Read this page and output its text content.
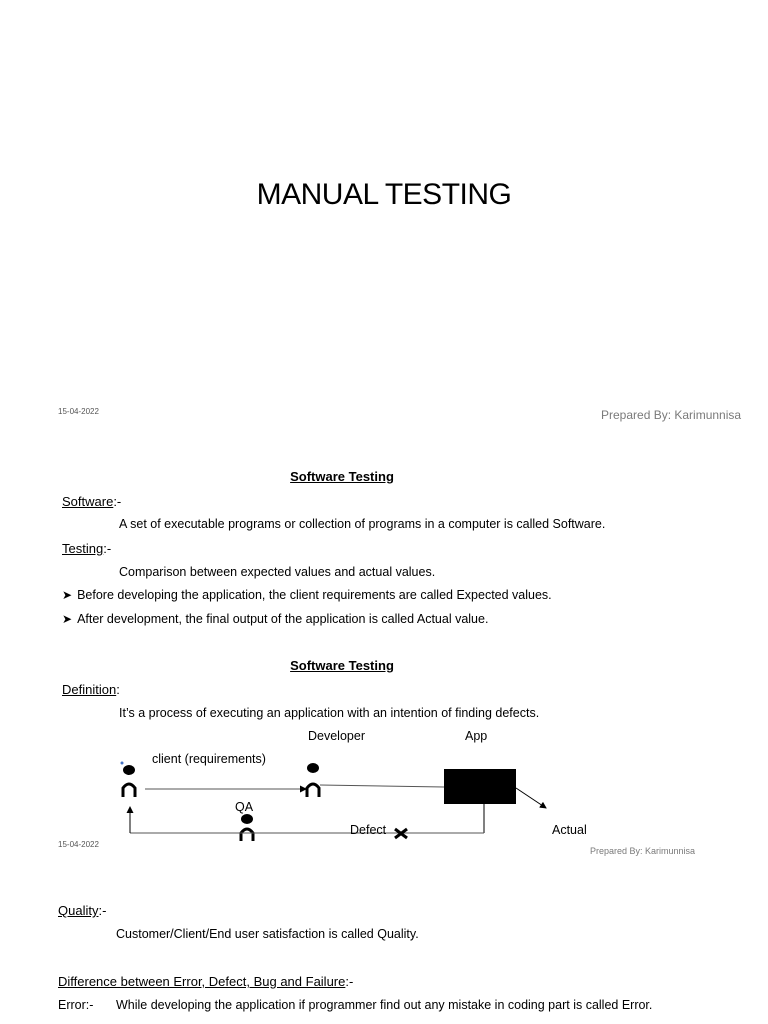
MANUAL TESTING
15-04-2022	Prepared By: Karimunnisa
Software Testing
Software:-
A set of executable programs or collection of programs in a computer is called Software.
Testing:-
Comparison between expected values and actual values.
➤ Before developing the application, the client requirements are called Expected values.
➤ After development, the final output of the application is called Actual value.
Software Testing
Definition:
It’s a process of executing an application with an intention of finding defects.
Developer	App
client (requirements)
QA
Defect	Actual
15-04-2022
Prepared By: Karimunnisa
Quality:-
Customer/Client/End user satisfaction is called Quality.
Difference between Error, Defect, Bug and Failure:-
Error:- While developing the application if programmer find out any mistake in coding part is called Error.
